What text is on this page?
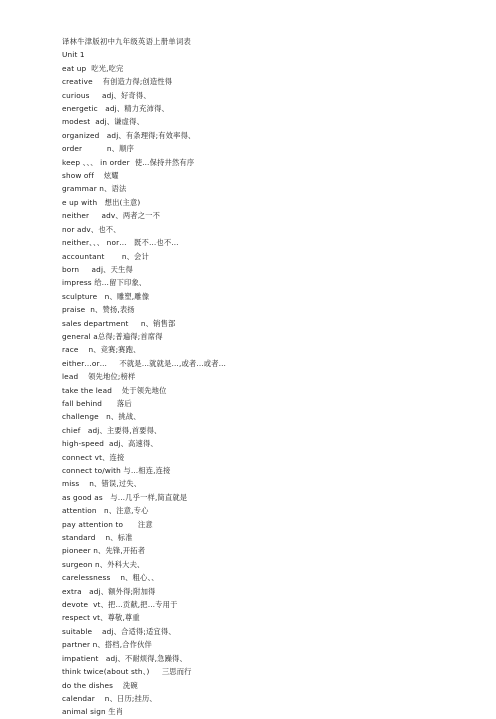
译林牛津版初中九年级英语上册单词表
Unit 1
eat up  吃光,吃完
creative    有创造力得;创造性得
curious     adj、好奇得、
energetic   adj、精力充沛得、
modest  adj、谦虚得、
organized   adj、有条理得;有效率得、
order          n、顺序
keep 、、、 in order  使…保持井然有序
show off    炫耀
grammar n、语法
e up with   想出(主意)
neither     adv、两者之一不
nor adv、也不、
neither、、、 nor…   既不…也不…
accountant       n、会计
born     adj、天生得
impress 给…留下印象、
sculpture   n、雕塑,雕像
praise  n、赞扬,表扬
sales department     n、销售部
general a总得;普遍得;首席得
race    n、竞赛;赛跑、
either…or…     不就是…就就是…,或者…或者…
lead    领先地位;榜样
take the lead    处于领先地位
fall behind      落后
challenge   n、挑战、
chief   adj、主要得,首要得、
high-speed  adj、高速得、
connect vt、连接
connect to/with 与…相连,连接
miss    n、错误,过失、
as good as   与…几乎一样,简直就是
attention   n、注意,专心
pay attention to      注意
standard    n、标准
pioneer n、先锋,开拓者
surgeon n、外科大夫、
carelessness    n、粗心、、
extra   adj、额外得;附加得
devote  vt、把…贡献,把…专用于
respect vt、尊敬,尊重
suitable    adj、合适得;适宜得、
partner n、搭档,合作伙伴
impatient   adj、不耐烦得,急躁得、
think twice(about sth、)     三思而行
do the dishes    洗碗
calendar    n、日历;挂历、
animal sign 生肖
